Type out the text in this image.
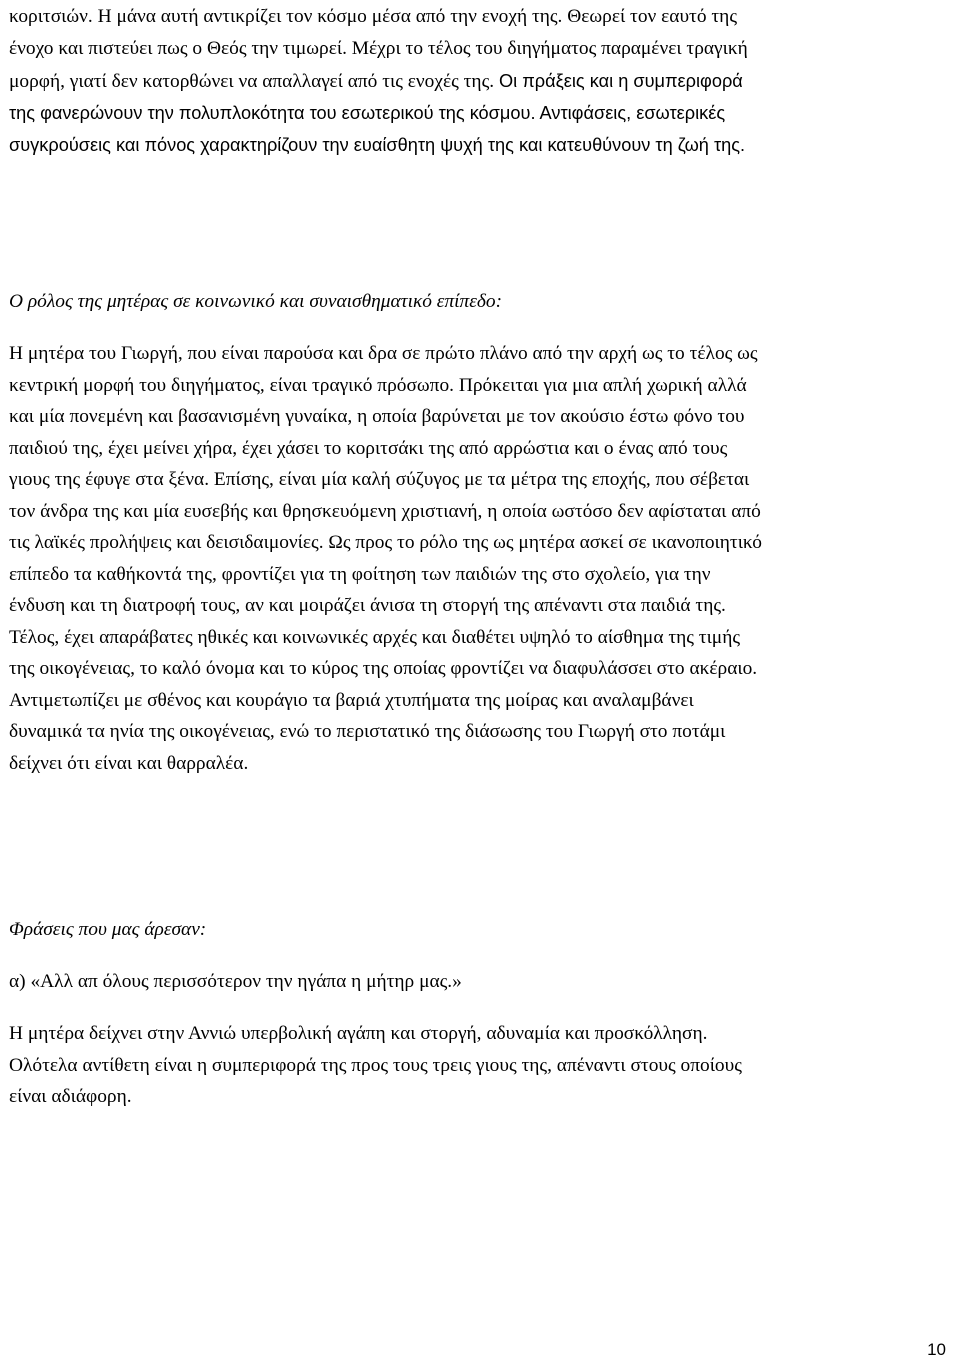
κοριτσιών. Η μάνα αυτή αντικρίζει τον κόσμο μέσα από την ενοχή της. Θεωρεί τον εαυτό της
ένοχο και πιστεύει πως ο Θεός την τιμωρεί. Μέχρι το τέλος του διηγήματος παραμένει τραγική
μορφή, γιατί δεν κατορθώνει να απαλλαγεί από τις ενοχές της. Οι πράξεις και η συμπεριφορά
της φανερώνουν την πολυπλοκότητα του εσωτερικού της κόσμου. Αντιφάσεις, εσωτερικές
συγκρούσεις και πόνος χαρακτηρίζουν την ευαίσθητη ψυχή της και κατευθύνουν τη ζωή της.
Ο ρόλος της μητέρας σε κοινωνικό και συναισθηματικό επίπεδο:
Η μητέρα του Γιωργή, που είναι παρούσα και δρα σε πρώτο πλάνο από την αρχή ως το τέλος ως
κεντρική μορφή του διηγήματος, είναι τραγικό πρόσωπο. Πρόκειται για μια απλή χωρική αλλά
και μία πονεμένη και βασανισμένη γυναίκα, η οποία βαρύνεται με τον ακούσιο έστω φόνο του
παιδιού της, έχει μείνει χήρα, έχει χάσει το κοριτσάκι της από αρρώστια και ο ένας από τους
γιους της έφυγε στα ξένα. Επίσης, είναι μία καλή σύζυγος με τα μέτρα της εποχής, που σέβεται
τον άνδρα της και μία ευσεβής και θρησκευόμενη χριστιανή, η οποία ωστόσο δεν αφίσταται από
τις λαϊκές προλήψεις και δεισιδαιμονίες. Ως προς το ρόλο της ως μητέρα ασκεί σε ικανοποιητικό
επίπεδο τα καθήκοντά της, φροντίζει για τη φοίτηση των παιδιών της στο σχολείο, για την
ένδυση και τη διατροφή τους, αν και μοιράζει άνισα τη στοργή της απέναντι στα παιδιά της.
Τέλος, έχει απαράβατες ηθικές και κοινωνικές αρχές και διαθέτει υψηλό το αίσθημα της τιμής
της οικογένειας, το καλό όνομα και το κύρος της οποίας φροντίζει να διαφυλάσσει στο ακέραιο.
Αντιμετωπίζει με σθένος και κουράγιο τα βαριά χτυπήματα της μοίρας και αναλαμβάνει
δυναμικά τα ηνία της οικογένειας, ενώ το περιστατικό της διάσωσης του Γιωργή στο ποτάμι
δείχνει ότι είναι και θαρραλέα.
Φράσεις που μας άρεσαν:
α) «Αλλ απ όλους περισσότερον την ηγάπα η μήτηρ μας.»
Η μητέρα δείχνει στην Αννιώ υπερβολική αγάπη και στοργή, αδυναμία και προσκόλληση.
Ολότελα αντίθετη είναι η συμπεριφορά της προς τους τρεις γιους της, απέναντι στους οποίους
είναι αδιάφορη.
10
